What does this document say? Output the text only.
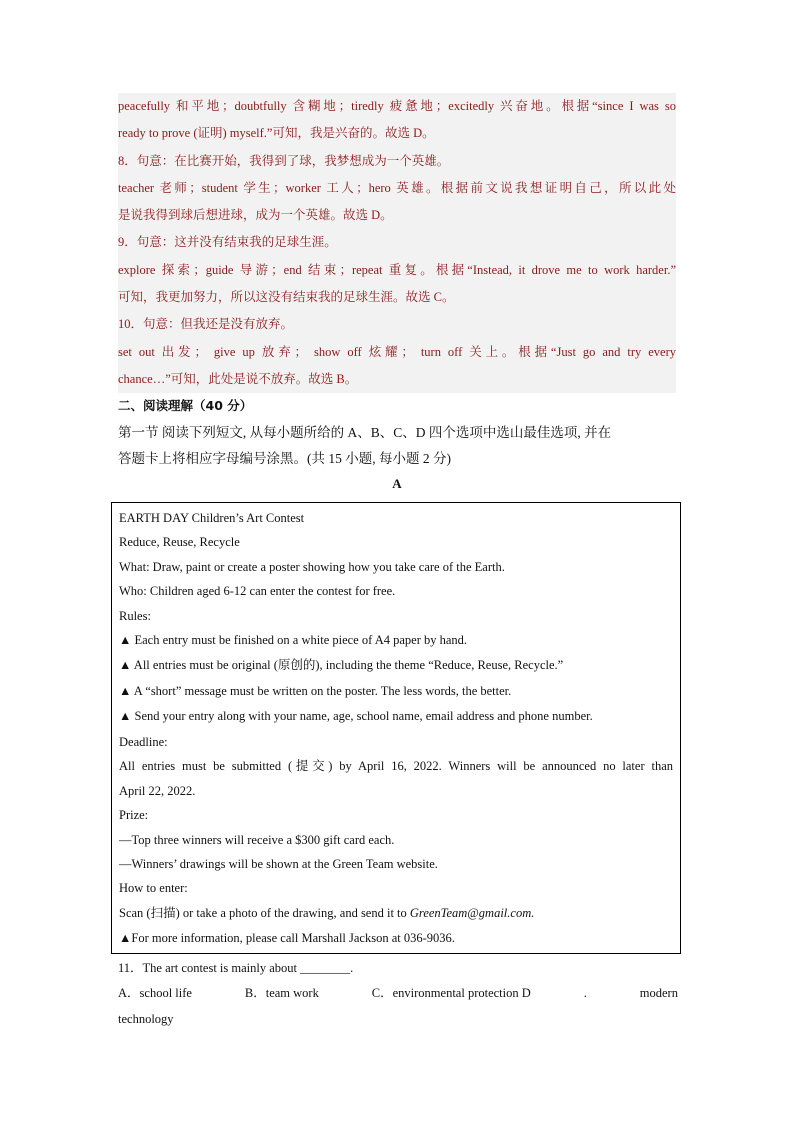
peacefully 和平地；doubtfully 含糊地；tiredly 疲惫地；excitedly 兴奋地。根据“since I was so
ready to prove (证明) myself.”可知，我是兴奋的。故选 D。
8．句意：在比赛开始，我得到了球，我梦想成为一个英雄。
teacher 老师；student 学生；worker 工人；hero 英雄。根据前文说我想证明自己，所以此处
是说我得到球后想进球，成为一个英雄。故选 D。
9．句意：这并没有结束我的足球生涯。
explore 探索；guide 导游；end 结束；repeat 重复。根据“Instead, it drove me to work harder.”
可知，我更加努力，所以这没有结束我的足球生涯。故选 C。
10．句意：但我还是没有放弃。
set out 出发； give up 放弃； show off 炫耀； turn off 关上。根据“Just go and try every
chance…”可知，此处是说不放弃。故选 B。
二、阅读理解（40 分）
第一节 阅读下列短文, 从每小题所给的 A、B、C、D 四个选项中选山最佳选项, 并在
答题卡上将相应字母编号涂黑。(共 15 小题, 每小题 2 分)
A
EARTH DAY Children’s Art Contest
Reduce, Reuse, Recycle
What: Draw, paint or create a poster showing how you take care of the Earth.
Who: Children aged 6-12 can enter the contest for free.
Rules:
▲ Each entry must be finished on a white piece of A4 paper by hand.
▲ All entries must be original (原创的), including the theme “Reduce, Reuse, Recycle.”
▲ A “short” message must be written on the poster. The less words, the better.
▲ Send your entry along with your name, age, school name, email address and phone number.
Deadline:
All entries must be submitted (提交) by April 16, 2022. Winners will be announced no later than
April 22, 2022.
Prize:
—Top three winners will receive a $300 gift card each.
—Winners’ drawings will be shown at the Green Team website.
How to enter:
Scan (扫描) or take a photo of the drawing, and send it to GreenTeam@gmail.com.
▲For more information, please call Marshall Jackson at 036-9036.
11．The art contest is mainly about ________.
A．school life	B．team work	C．environmental protection D	.	modern
technology
